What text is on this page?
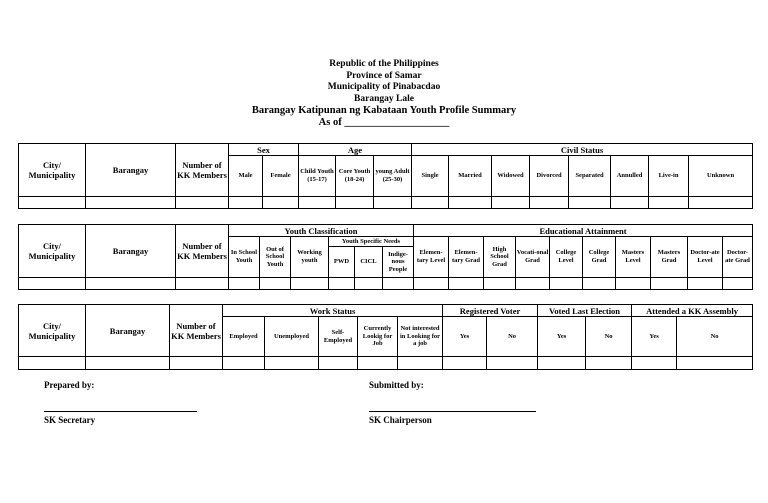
Republic of the Philippines
Province of Samar
Municipality of Pinabacdao
Barangay Lale
Barangay Katipunan ng Kabataan Youth Profile Summary
As of ____________________
City/ Municipality	Barangay	Number of KK Members	Sex		Age			Civil Status							
			Male	Female	Child Youth (15-17)	Core Youth (18-24)	young Adult (25-30)	Single	Married	Widowed	Divorced	Separated	Annulled	Live-in	Unknown

City/ Municipality	Barangay	Number of KK Members	Youth Classification						Educational Attainment									
			In School Youth	Out of School Youth	Working youth	Youth Specific Needs			Elemen-tary Level	Elemen-tary Grad	High School Grad	Vocati-onal Grad	College Level	College Grad	Masters Level	Masters Grad	Doctor-ate Level	Doctor-ate Grad
						PWD	CICL	Indige-nous People										

City/ Municipality	Barangay	Number of KK Members	Work Status					Registered Voter		Voted Last Election		Attended a KK Assembly	
			Employed	Unemployed	Self-Employed	Currently Lookig for Job	Not interested in Looking for a job	Yes	No	Yes	No	Yes	No

Prepared by:	Submitted by:
SK Secretary	SK Chairperson
